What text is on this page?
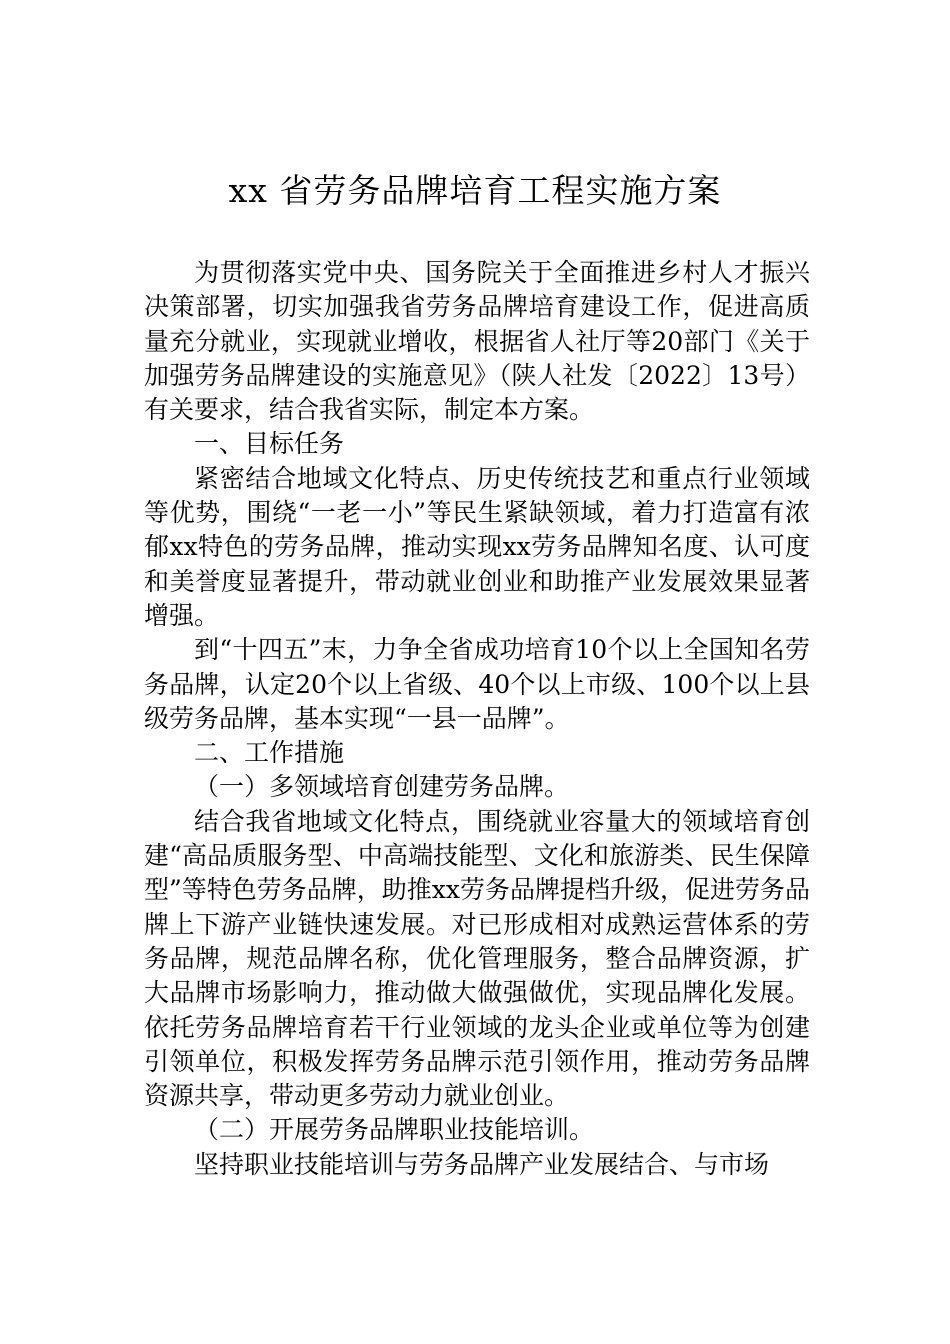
xx 省劳务品牌培育工程实施方案

为贯彻落实党中央、国务院关于全面推进乡村人才振兴决策部署，切实加强我省劳务品牌培育建设工作，促进高质量充分就业，实现就业增收，根据省人社厅等20部门《关于加强劳务品牌建设的实施意见》（陕人社发〔2022〕13号）有关要求，结合我省实际，制定本方案。

一、目标任务

紧密结合地域文化特点、历史传统技艺和重点行业领域等优势，围绕“一老一小”等民生紧缺领域，着力打造富有浓郁xx特色的劳务品牌，推动实现xx劳务品牌知名度、认可度和美誉度显著提升，带动就业创业和助推产业发展效果显著增强。

到“十四五”末，力争全省成功培育10个以上全国知名劳务品牌，认定20个以上省级、40个以上市级、100个以上县级劳务品牌，基本实现“一县一品牌”。

二、工作措施

（一）多领域培育创建劳务品牌。

结合我省地域文化特点，围绕就业容量大的领域培育创建“高品质服务型、中高端技能型、文化和旅游类、民生保障型”等特色劳务品牌，助推xx劳务品牌提档升级，促进劳务品牌上下游产业链快速发展。对已形成相对成熟运营体系的劳务品牌，规范品牌名称，优化管理服务，整合品牌资源，扩大品牌市场影响力，推动做大做强做优，实现品牌化发展。依托劳务品牌培育若干行业领域的龙头企业或单位等为创建引领单位，积极发挥劳务品牌示范引领作用，推动劳务品牌资源共享，带动更多劳动力就业创业。

（二）开展劳务品牌职业技能培训。

坚持职业技能培训与劳务品牌产业发展结合、与市场
